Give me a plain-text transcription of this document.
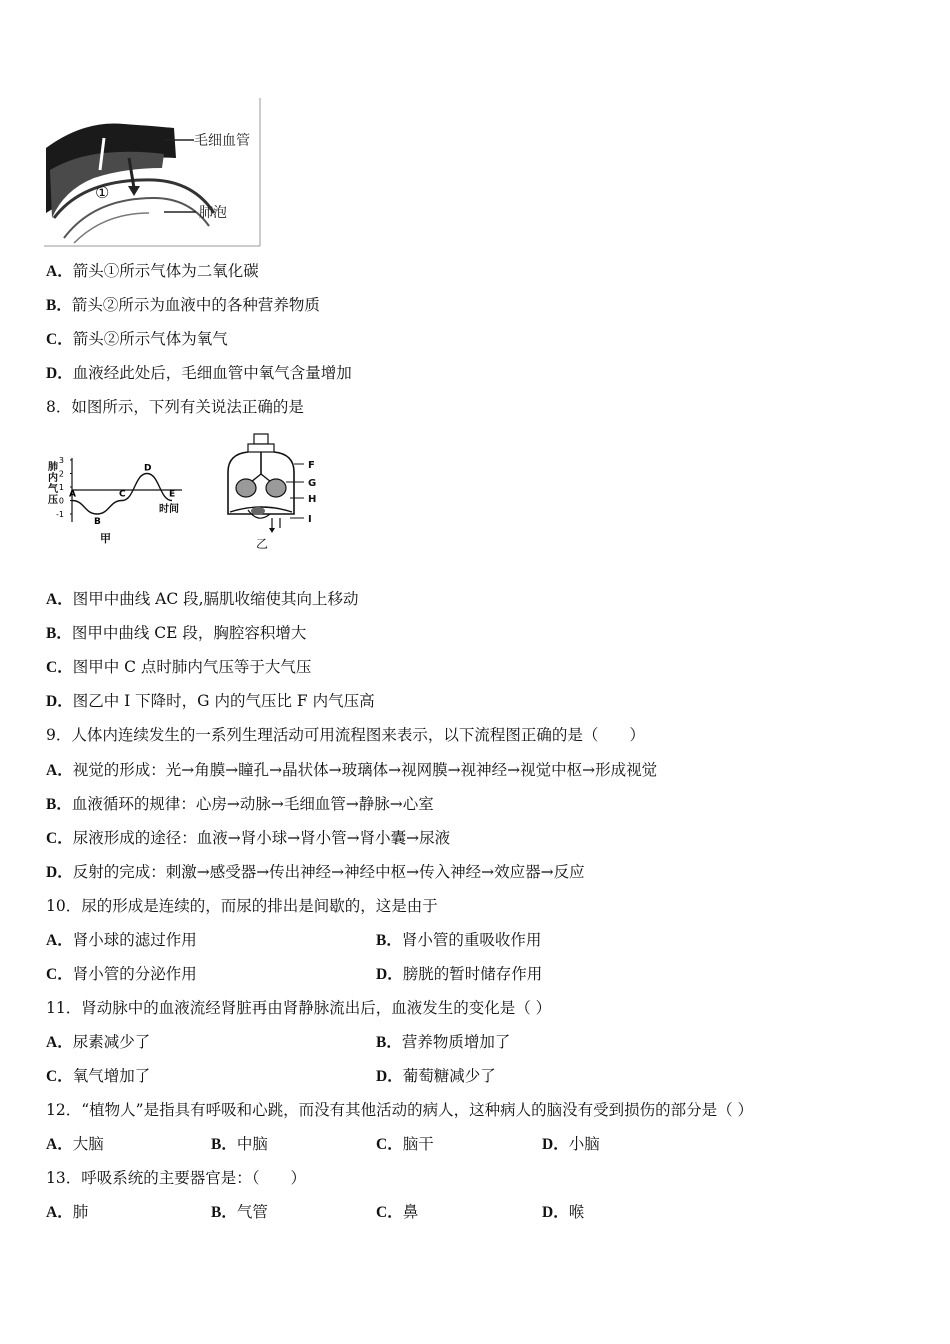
①
毛细血管
肺泡
A．箭头①所示气体为二氧化碳
B．箭头②所示为血液中的各种营养物质
C．箭头②所示气体为氧气
D．血液经此处后，毛细血管中氧气含量增加
8．如图所示，下列有关说法正确的是
肺 内 气 压
3
2
1
0
-1
A
B
C
D
E
时间
甲
F
G
H
I
乙
A．图甲中曲线 AC 段,膈肌收缩使其向上移动
B．图甲中曲线 CE 段，胸腔容积增大
C．图甲中 C 点时肺内气压等于大气压
D．图乙中 I 下降时，G 内的气压比 F 内气压高
9．人体内连续发生的一系列生理活动可用流程图来表示，以下流程图正确的是（　　）
A．视觉的形成：光→角膜→瞳孔→晶状体→玻璃体→视网膜→视神经→视觉中枢→形成视觉
B．血液循环的规律：心房→动脉→毛细血管→静脉→心室
C．尿液形成的途径：血液→肾小球→肾小管→肾小囊→尿液
D．反射的完成：刺激→感受器→传出神经→神经中枢→传入神经→效应器→反应
10．尿的形成是连续的，而尿的排出是间歇的，这是由于
A．肾小球的滤过作用	B．肾小管的重吸收作用
C．肾小管的分泌作用	D．膀胱的暂时储存作用
11．肾动脉中的血液流经肾脏再由肾静脉流出后，血液发生的变化是（ ）
A．尿素减少了	B．营养物质增加了
C．氧气增加了	D．葡萄糖减少了
12．“植物人”是指具有呼吸和心跳，而没有其他活动的病人，这种病人的脑没有受到损伤的部分是（ ）
A．大脑	B．中脑	C．脑干	D．小脑
13．呼吸系统的主要器官是：（　　）
A．肺	B．气管	C．鼻	D．喉
